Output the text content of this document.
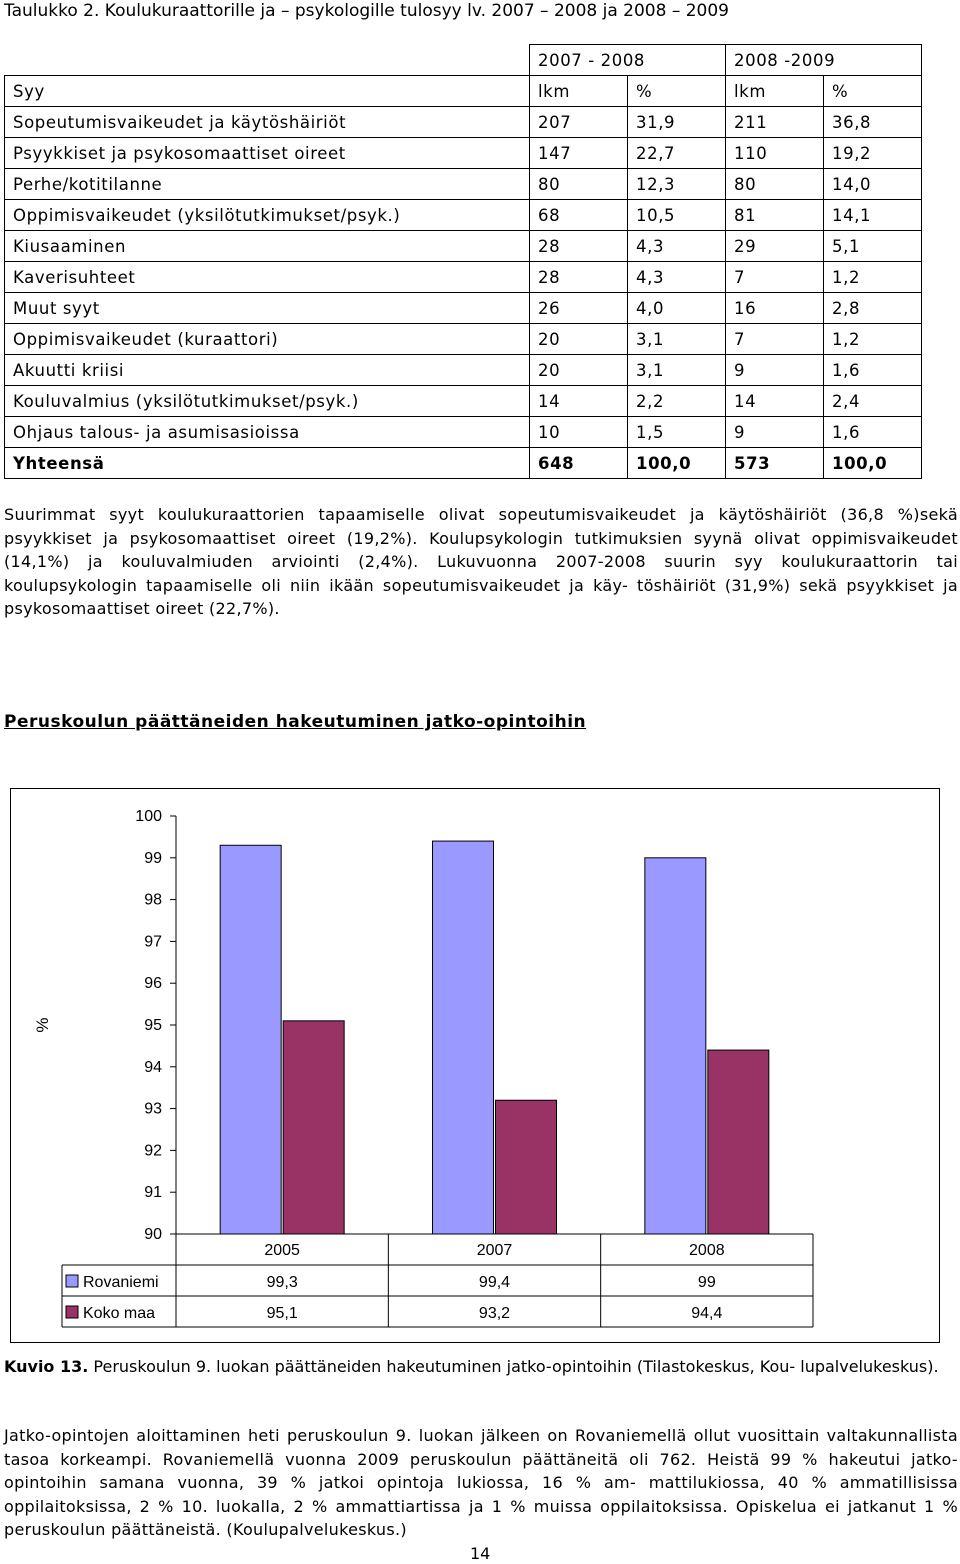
Taulukko 2. Koulukuraattorille ja – psykologille tulosyy lv. 2007 – 2008 ja 2008 – 2009
	2007 - 2008		2008 -2009	
Syy	lkm	%	lkm	%
Sopeutumisvaikeudet ja käytöshäiriöt	207	31,9	211	36,8
Psyykkiset ja psykosomaattiset oireet	147	22,7	110	19,2
Perhe/kotitilanne	80	12,3	80	14,0
Oppimisvaikeudet (yksilötutkimukset/psyk.)	68	10,5	81	14,1
Kiusaaminen	28	4,3	29	5,1
Kaverisuhteet	28	4,3	7	1,2
Muut syyt	26	4,0	16	2,8
Oppimisvaikeudet (kuraattori)	20	3,1	7	1,2
Akuutti kriisi	20	3,1	9	1,6
Kouluvalmius (yksilötutkimukset/psyk.)	14	2,2	14	2,4
Ohjaus talous- ja asumisasioissa	10	1,5	9	1,6
Yhteensä	648	100,0	573	100,0

Suurimmat syyt koulukuraattorien tapaamiselle olivat sopeutumisvaikeudet ja käytöshäiriöt (36,8 %)sekä psyykkiset ja psykosomaattiset oireet (19,2%). Koulupsykologin tutkimuksien syynä olivat oppimisvaikeudet (14,1%) ja kouluvalmiuden arviointi (2,4%). Lukuvuonna 2007-2008 suurin syy koulukuraattorin tai koulupsykologin tapaamiselle oli niin ikään sopeutumisvaikeudet ja käy- töshäiriöt (31,9%) sekä psyykkiset ja psykosomaattiset oireet (22,7%).

Peruskoulun päättäneiden hakeutuminen jatko-opintoihin
100
99
98
97
96
95
94
93
92
91
90
%
2005	2007	2008
Rovaniemi	99,3	99,4	99
Koko maa	95,1	93,2	94,4

Kuvio 13. Peruskoulun 9. luokan päättäneiden hakeutuminen jatko-opintoihin (Tilastokeskus, Kou- lupalvelukeskus).

Jatko-opintojen aloittaminen heti peruskoulun 9. luokan jälkeen on Rovaniemellä ollut vuosittain valtakunnallista tasoa korkeampi. Rovaniemellä vuonna 2009 peruskoulun päättäneitä oli 762. Heistä 99 % hakeutui jatko-opintoihin samana vuonna, 39 % jatkoi opintoja lukiossa, 16 % am- mattilukiossa, 40 % ammatillisissa oppilaitoksissa, 2 % 10. luokalla, 2 % ammattiartissa ja 1 % muissa oppilaitoksissa. Opiskelua ei jatkanut 1 % peruskoulun päättäneistä. (Koulupalvelukeskus.)

14
